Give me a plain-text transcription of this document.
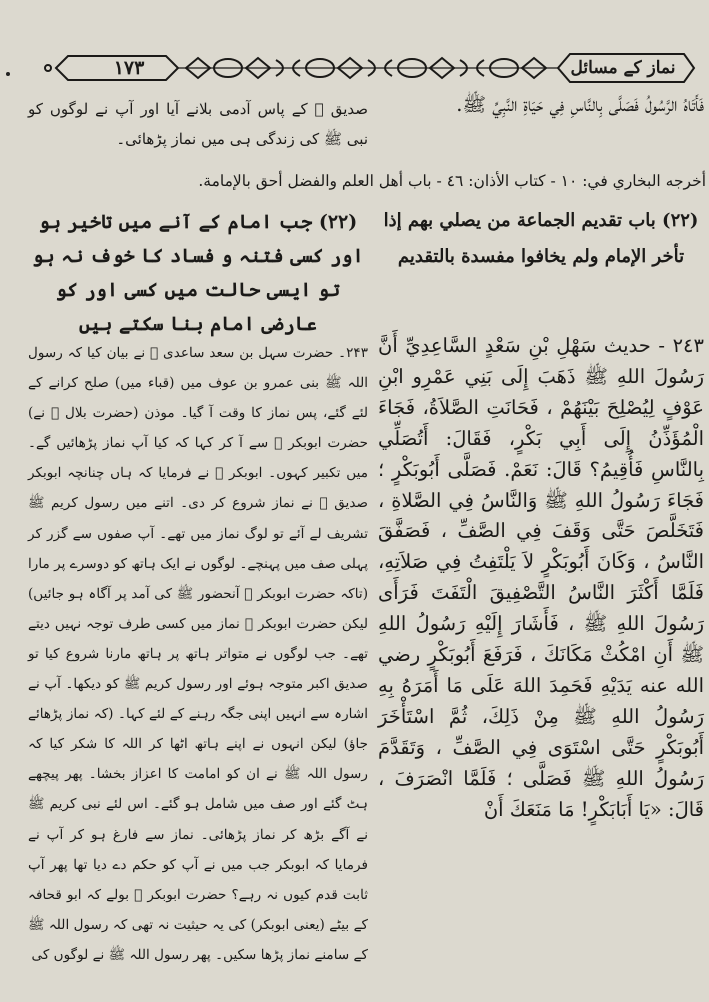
۱۷۳	نماز کے مسائل
فَأَتَاهُ الرَّسُولُ فَصَلَّى بِالنَّاسِ فِي حَيَاةِ النَّبِيِّ ﷺ.
صدیق ﷛ کے پاس آدمی بلانے آیا اور آپ نے لوگوں کو نبی ﷺ کی زندگی ہی میں نماز پڑھائی۔
أخرجه البخاري في: ١٠ - كتاب الأذان: ٤٦ - باب أهل العلم والفضل أحق بالإمامة.
(٢٢) باب تقديم الجماعة من يصلي بهم إذا تأخر الإمام ولم يخافوا مفسدة بالتقديم
(۲۲) جب امام کے آنے میں تاخیر ہو اور کسی فتنہ و فساد کا خوف نہ ہو تو ایسی حالت میں کسی اور کو عارضی امام بنا سکتے ہیں
٢٤٣ - حديث سَهْلِ بْنِ سَعْدٍ السَّاعِدِيِّ أَنَّ رَسُولَ اللهِ ﷺ ذَهَبَ إِلَى بَنِي عَمْرِو ابْنِ عَوْفٍ لِيُصْلِحَ بَيْنَهُمْ ، فَحَانَتِ الصَّلاَةُ، فَجَاءَ الْمُؤَذِّنُ إِلَى أَبِي بَكْرٍ، فَقَالَ: أَتُصَلِّي بِالنَّاسِ فَأُقِيمُ؟ قَالَ: نَعَمْ. فَصَلَّى أَبُوبَكْرٍ ؛ فَجَاءَ رَسُولُ اللهِ ﷺ وَالنَّاسُ فِي الصَّلاةِ ، فَتَخَلَّصَ حَتَّى وَقَفَ فِي الصَّفِّ ، فَصَفَّقَ النَّاسُ ، وَكَانَ أَبُوبَكْرٍ لاَ يَلْتَفِتُ فِي صَلاَتِهِ، فَلَمَّا أَكْثَرَ النَّاسُ التَّصْفِيقَ الْتَفَتَ فَرَأَى رَسُولَ اللهِ ﷺ ، فَأَشَارَ إِلَيْهِ رَسُولُ اللهِ ﷺ أَنِ امْكُثْ مَكَانَكَ ، فَرَفَعَ أَبُوبَكْرٍ رضي الله عنه يَدَيْهِ فَحَمِدَ اللهَ عَلَى مَا أَمَرَهُ بِهِ رَسُولُ اللهِ ﷺ مِنْ ذَلِكَ، ثُمَّ اسْتَأْخَرَ أَبُوبَكْرٍ حَتَّى اسْتَوَى فِي الصَّفِّ ، وَتَقَدَّمَ رَسُولُ اللهِ ﷺ فَصَلَّى ؛ فَلَمَّا انْصَرَفَ ، قَالَ: «يَا أَبَابَكْرٍ! مَا مَنَعَكَ أَنْ
۲۴۳۔ حضرت سہل بن سعد ساعدی ﷛ نے بیان کیا کہ رسول اللہ ﷺ بنی عمرو بن عوف میں (قباء میں) صلح کرانے کے لئے گئے، پس نماز کا وقت آ گیا۔ موذن (حضرت بلال ﷛ نے) حضرت ابوبکر ﷛ سے آ کر کہا کہ کیا آپ نماز پڑھائیں گے۔ میں تکبیر کہوں۔ ابوبکر ﷛ نے فرمایا کہ ہاں چنانچہ ابوبکر صدیق ﷛ نے نماز شروع کر دی۔ اتنے میں رسول کریم ﷺ تشریف لے آئے تو لوگ نماز میں تھے۔ آپ صفوں سے گزر کر پہلی صف میں پہنچے۔ لوگوں نے ایک ہاتھ کو دوسرے پر مارا (تاکہ حضرت ابوبکر ﷛ آنحضور ﷺ کی آمد پر آگاہ ہو جائیں) لیکن حضرت ابوبکر ﷛ نماز میں کسی طرف توجہ نہیں دیتے تھے۔ جب لوگوں نے متواتر ہاتھ پر ہاتھ مارنا شروع کیا تو صدیق اکبر متوجہ ہوئے اور رسول کریم ﷺ کو دیکھا۔ آپ نے اشارہ سے انہیں اپنی جگہ رہنے کے لئے کہا۔ (کہ نماز پڑھائے جاؤ) لیکن انہوں نے اپنے ہاتھ اٹھا کر اللہ کا شکر کیا کہ رسول اللہ ﷺ نے ان کو امامت کا اعزاز بخشا۔ پھر پیچھے ہٹ گئے اور صف میں شامل ہو گئے۔ اس لئے نبی کریم ﷺ نے آگے بڑھ کر نماز پڑھائی۔ نماز سے فارغ ہو کر آپ نے فرمایا کہ ابوبکر جب میں نے آپ کو حکم دے دیا تھا پھر آپ ثابت قدم کیوں نہ رہے؟ حضرت ابوبکر ﷛ بولے کہ ابو قحافہ کے بیٹے (یعنی ابوبکر) کی یہ حیثیت نہ تھی کہ رسول اللہ ﷺ کے سامنے نماز پڑھا سکیں۔ پھر رسول اللہ ﷺ نے لوگوں کی
